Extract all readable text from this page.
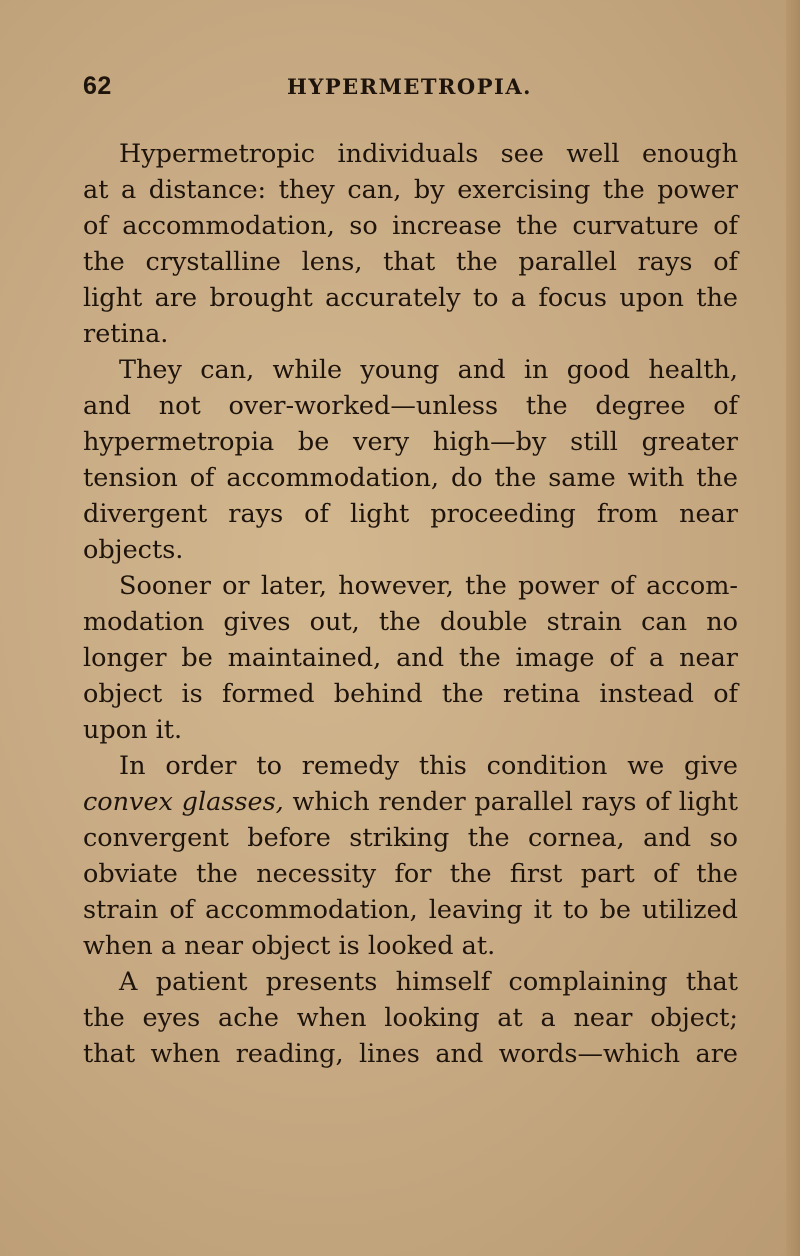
62	HYPERMETROPIA.
Hypermetropic individuals see well enough
at a distance: they can, by exercising the power
of accommodation, so increase the curvature of
the crystalline lens, that the parallel rays of
light are brought accurately to a focus upon the
retina.
They can, while young and in good health,
and not over-worked—unless the degree of
hypermetropia be very high—by still greater
tension of accommodation, do the same with the
divergent rays of light proceeding from near
objects.
Sooner or later, however, the power of accom-
modation gives out, the double strain can no
longer be maintained, and the image of a near
object is formed behind the retina instead of
upon it.
In order to remedy this condition we give
convex glasses, which render parallel rays of light
convergent before striking the cornea, and so
obviate the necessity for the first part of the
strain of accommodation, leaving it to be utilized
when a near object is looked at.
A patient presents himself complaining that
the eyes ache when looking at a near object;
that when reading, lines and words—which are
